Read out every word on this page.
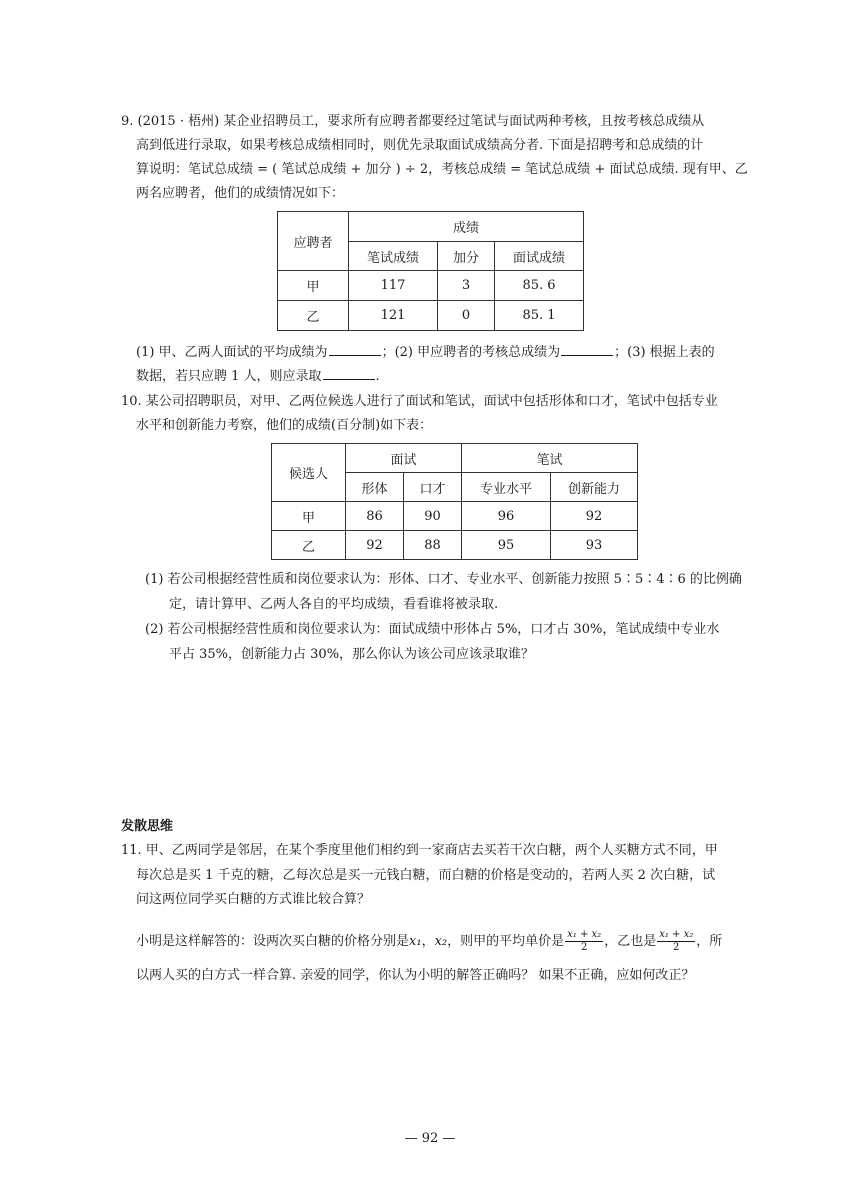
9. (2015 · 梧州) 某企业招聘员工，要求所有应聘者都要经过笔试与面试两种考核，且按考核总成绩从
高到低进行录取，如果考核总成绩相同时，则优先录取面试成绩高分者. 下面是招聘考和总成绩的计
算说明：笔试总成绩 = ( 笔试总成绩 + 加分 ) ÷ 2，考核总成绩 = 笔试总成绩 + 面试总成绩. 现有甲、乙
两名应聘者，他们的成绩情况如下：
应聘者	成绩		
	笔试成绩	加分	面试成绩
甲	117	3	85. 6
乙	121	0	85. 1
(1) 甲、乙两人面试的平均成绩为	；(2) 甲应聘者的考核总成绩为	；(3) 根据上表的
数据，若只应聘 1 人，则应录取	.
10. 某公司招聘职员，对甲、乙两位候选人进行了面试和笔试，面试中包括形体和口才，笔试中包括专业
水平和创新能力考察，他们的成绩(百分制)如下表：
候选人	面试		笔试	
	形体	口才	专业水平	创新能力
甲	86	90	96	92
乙	92	88	95	93
(1) 若公司根据经营性质和岗位要求认为：形体、口才、专业水平、创新能力按照 5∶5∶4∶6 的比例确
定，请计算甲、乙两人各自的平均成绩，看看谁将被录取.
(2) 若公司根据经营性质和岗位要求认为：面试成绩中形体占 5%，口才占 30%，笔试成绩中专业水
平占 35%，创新能力占 30%，那么你认为该公司应该录取谁？
发散思维
11. 甲、乙两同学是邻居，在某个季度里他们相约到一家商店去买若干次白糖，两个人买糖方式不同，甲
每次总是买 1 千克的糖，乙每次总是买一元钱白糖，而白糖的价格是变动的，若两人买 2 次白糖，试
问这两位同学买白糖的方式谁比较合算？
小明是这样解答的：设两次买白糖的价格分别是x₁，x₂，则甲的平均单价是 $\frac{\text{x₁ + x₂}}{2}$ ，乙也是 $\frac{\text{x₁ + x₂}}{2}$ ，所
以两人买的白方式一样合算. 亲爱的同学，你认为小明的解答正确吗？ 如果不正确，应如何改正？
— 92 —
